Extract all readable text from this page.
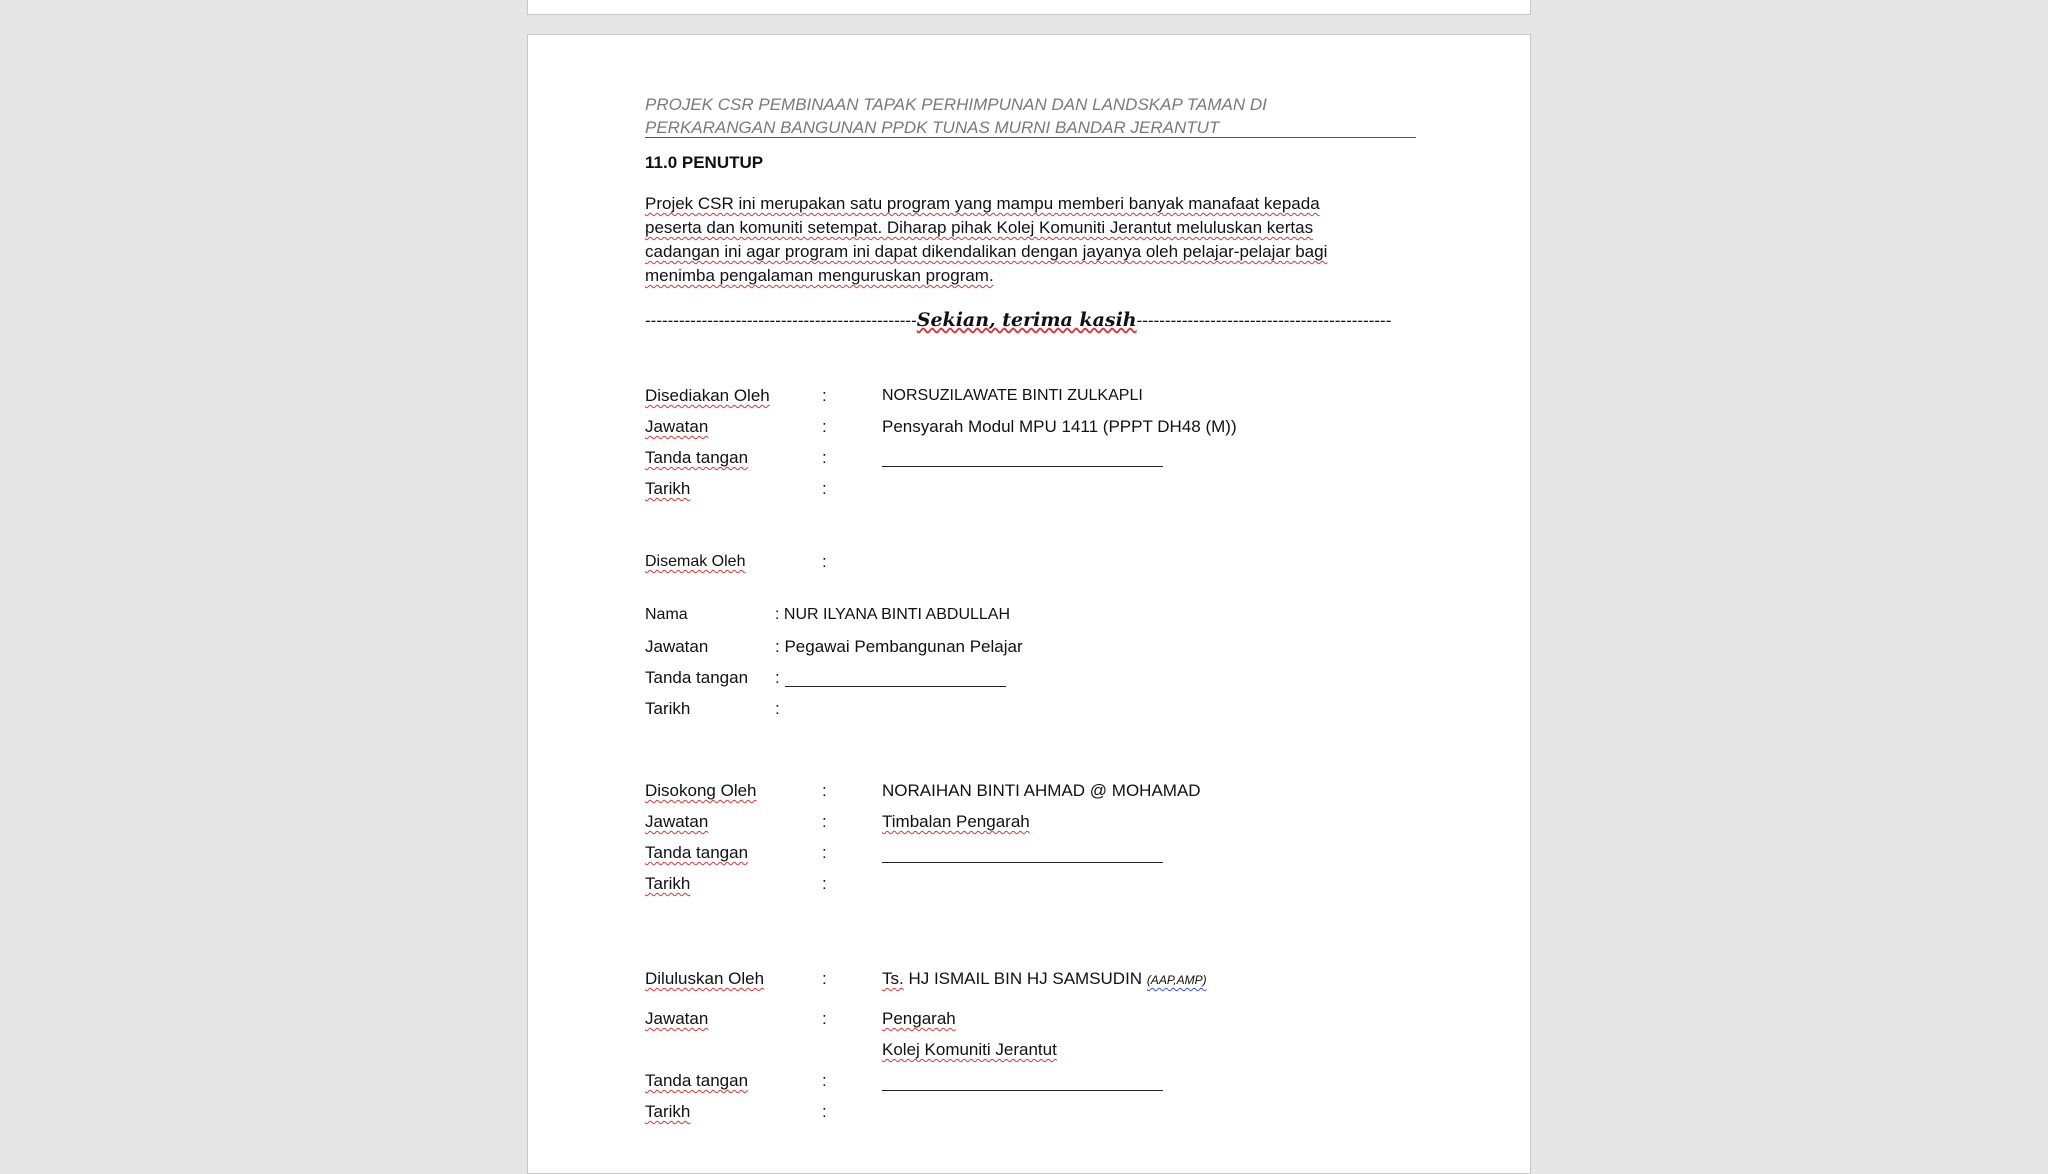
PROJEK CSR PEMBINAAN TAPAK PERHIMPUNAN DAN LANDSKAP TAMAN DI
PERKARANGAN BANGUNAN PPDK TUNAS MURNI BANDAR JERANTUT
11.0 PENUTUP
Projek CSR ini merupakan satu program yang mampu memberi banyak manafaat kepada
peserta dan komuniti setempat. Diharap pihak Kolej Komuniti Jerantut meluluskan kertas
cadangan ini agar program ini dapat dikendalikan dengan jayanya oleh pelajar-pelajar bagi
menimba pengalaman menguruskan program.
------------------------------------------------Sekian, terima kasih---------------------------------------------
Disediakan Oleh	:	NORSUZILAWATE BINTI ZULKAPLI
Jawatan	:	Pensyarah Modul MPU 1411 (PPPT DH48 (M))
Tanda tangan	:
Tarikh	:
Disemak Oleh	:
Nama	: NUR ILYANA BINTI ABDULLAH
Jawatan	: Pegawai Pembangunan Pelajar
Tanda tangan :
Tarikh	:
Disokong Oleh	:	NORAIHAN BINTI AHMAD @ MOHAMAD
Jawatan	:	Timbalan Pengarah
Tanda tangan	:
Tarikh	:
Diluluskan Oleh	:	Ts. HJ ISMAIL BIN HJ SAMSUDIN (AAP,AMP)
Jawatan	:	Pengarah
Kolej Komuniti Jerantut
Tanda tangan	:
Tarikh	:
